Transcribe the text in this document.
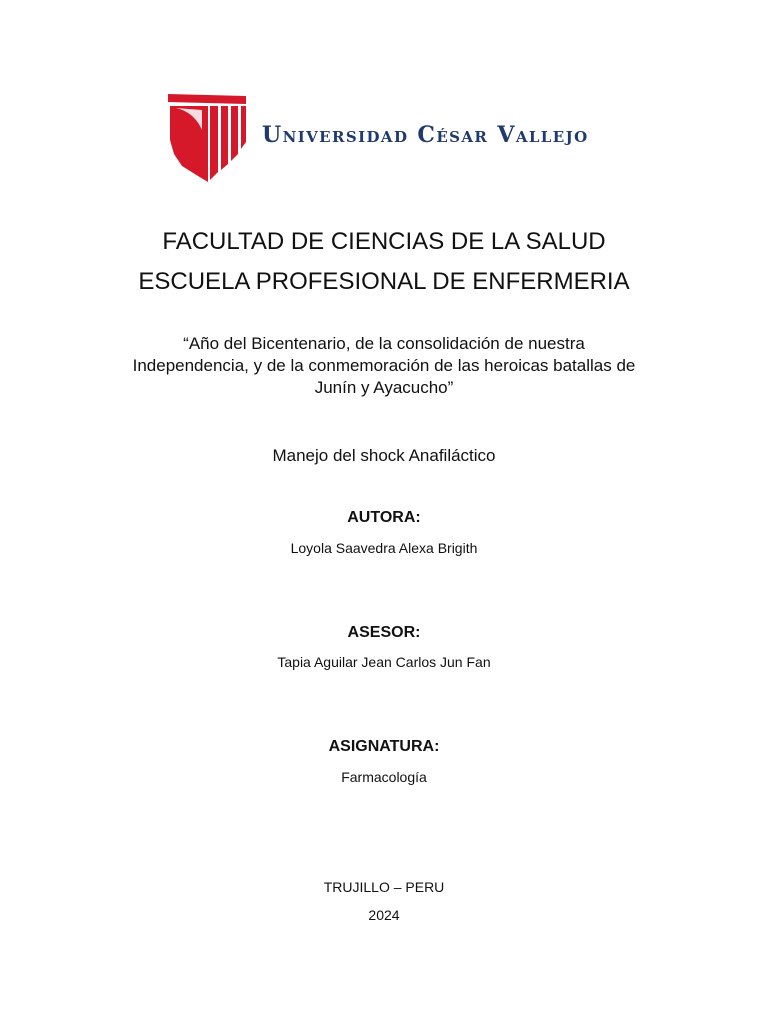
Universidad César Vallejo
FACULTAD DE CIENCIAS DE LA SALUD
ESCUELA PROFESIONAL DE ENFERMERIA
“Año del Bicentenario, de la consolidación de nuestra
Independencia, y de la conmemoración de las heroicas batallas de
Junín y Ayacucho”
Manejo del shock Anafiláctico
AUTORA:
Loyola Saavedra Alexa Brigith
ASESOR:
Tapia Aguilar Jean Carlos Jun Fan
ASIGNATURA:
Farmacología
TRUJILLO – PERU
2024
